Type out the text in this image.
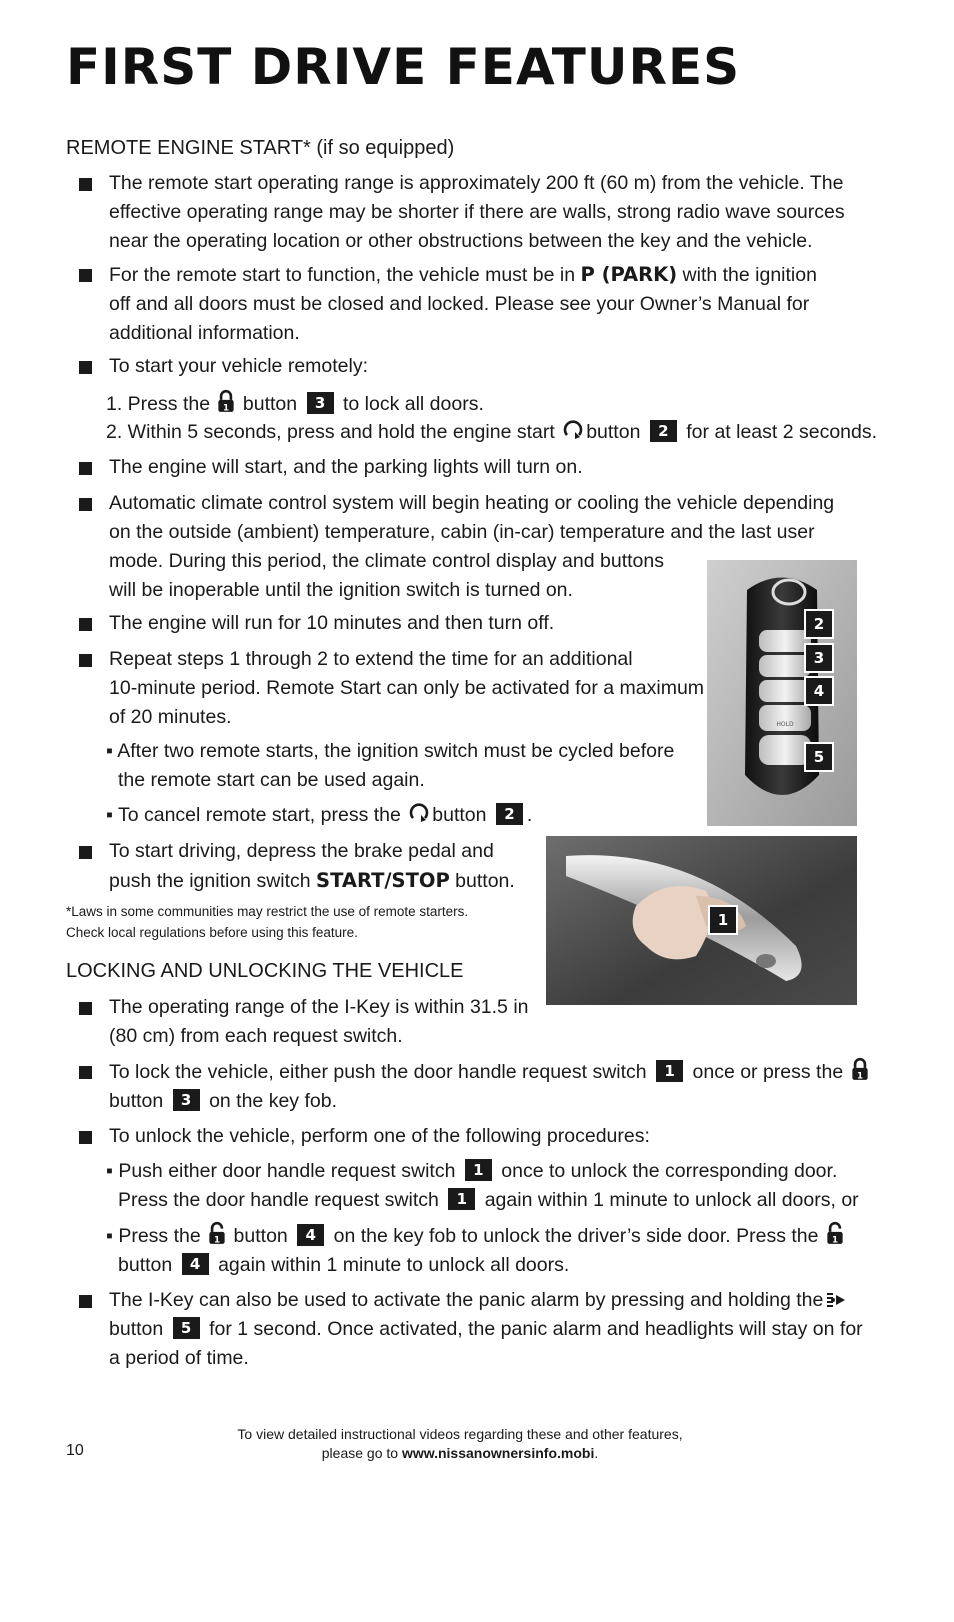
FIRST DRIVE FEATURES
REMOTE ENGINE START* (if so equipped)
The remote start operating range is approximately 200 ft (60 m) from the vehicle. The effective operating range may be shorter if there are walls, strong radio wave sources near the operating location or other obstructions between the key and the vehicle.
For the remote start to function, the vehicle must be in P (PARK) with the ignition off and all doors must be closed and locked. Please see your Owner’s Manual for additional information.
To start your vehicle remotely:
1. Press the button 3 to lock all doors.
2. Within 5 seconds, press and hold the engine start button 2 for at least 2 seconds.
The engine will start, and the parking lights will turn on.
Automatic climate control system will begin heating or cooling the vehicle depending
on the outside (ambient) temperature, cabin (in-car) temperature and the last user
mode. During this period, the climate control display and buttons
will be inoperable until the ignition switch is turned on.
The engine will run for 10 minutes and then turn off.
Repeat steps 1 through 2 to extend the time for an additional
10-minute period. Remote Start can only be activated for a maximum
of 20 minutes.
▪ After two remote starts, the ignition switch must be cycled before
the remote start can be used again.
▪ To cancel remote start, press the button 2 .
To start driving, depress the brake pedal and
push the ignition switch START/STOP button.
*Laws in some communities may restrict the use of remote starters.
Check local regulations before using this feature.
HOLD
2
3
4
5
1
LOCKING AND UNLOCKING THE VEHICLE
The operating range of the I-Key is within 31.5 in
(80 cm) from each request switch.
To lock the vehicle, either push the door handle request switch 1 once or press the
button 3 on the key fob.
To unlock the vehicle, perform one of the following procedures:
▪ Push either door handle request switch 1 once to unlock the corresponding door.
Press the door handle request switch 1 again within 1 minute to unlock all doors, or
▪ Press the button 4 on the key fob to unlock the driver’s side door. Press the
button 4 again within 1 minute to unlock all doors.
The I-Key can also be used to activate the panic alarm by pressing and holding the
button 5 for 1 second. Once activated, the panic alarm and headlights will stay on for
a period of time.
To view detailed instructional videos regarding these and other features,
please go to www.nissanownersinfo.mobi.
10
